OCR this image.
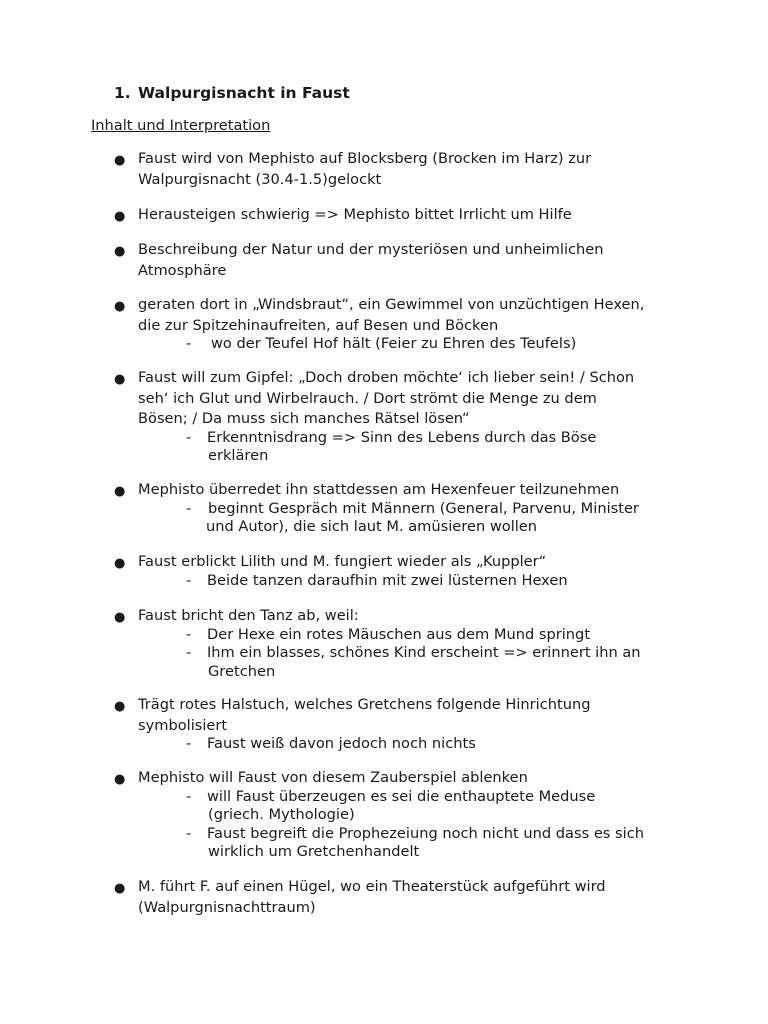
1. Walpurgisnacht in Faust
Inhalt und Interpretation
● Faust wird von Mephisto auf Blocksberg (Brocken im Harz) zur
Walpurgisnacht (30.4-1.5)gelockt
● Herausteigen schwierig => Mephisto bittet Irrlicht um Hilfe
● Beschreibung der Natur und der mysteriösen und unheimlichen
Atmosphäre
● geraten dort in „Windsbraut“, ein Gewimmel von unzüchtigen Hexen,
die zur Spitzehinaufreiten, auf Besen und Böcken
- wo der Teufel Hof hält (Feier zu Ehren des Teufels)
● Faust will zum Gipfel: „Doch droben möchte‘ ich lieber sein! / Schon
seh‘ ich Glut und Wirbelrauch. / Dort strömt die Menge zu dem
Bösen; / Da muss sich manches Rätsel lösen“
- Erkenntnisdrang => Sinn des Lebens durch das Böse
erklären
● Mephisto überredet ihn stattdessen am Hexenfeuer teilzunehmen
- beginnt Gespräch mit Männern (General, Parvenu, Minister
und Autor), die sich laut M. amüsieren wollen
● Faust erblickt Lilith und M. fungiert wieder als „Kuppler“
- Beide tanzen daraufhin mit zwei lüsternen Hexen
● Faust bricht den Tanz ab, weil:
- Der Hexe ein rotes Mäuschen aus dem Mund springt
- Ihm ein blasses, schönes Kind erscheint => erinnert ihn an
Gretchen
● Trägt rotes Halstuch, welches Gretchens folgende Hinrichtung
symbolisiert
- Faust weiß davon jedoch noch nichts
● Mephisto will Faust von diesem Zauberspiel ablenken
- will Faust überzeugen es sei die enthauptete Meduse
(griech. Mythologie)
- Faust begreift die Prophezeiung noch nicht und dass es sich
wirklich um Gretchenhandelt
● M. führt F. auf einen Hügel, wo ein Theaterstück aufgeführt wird
(Walpurgnisnachttraum)
